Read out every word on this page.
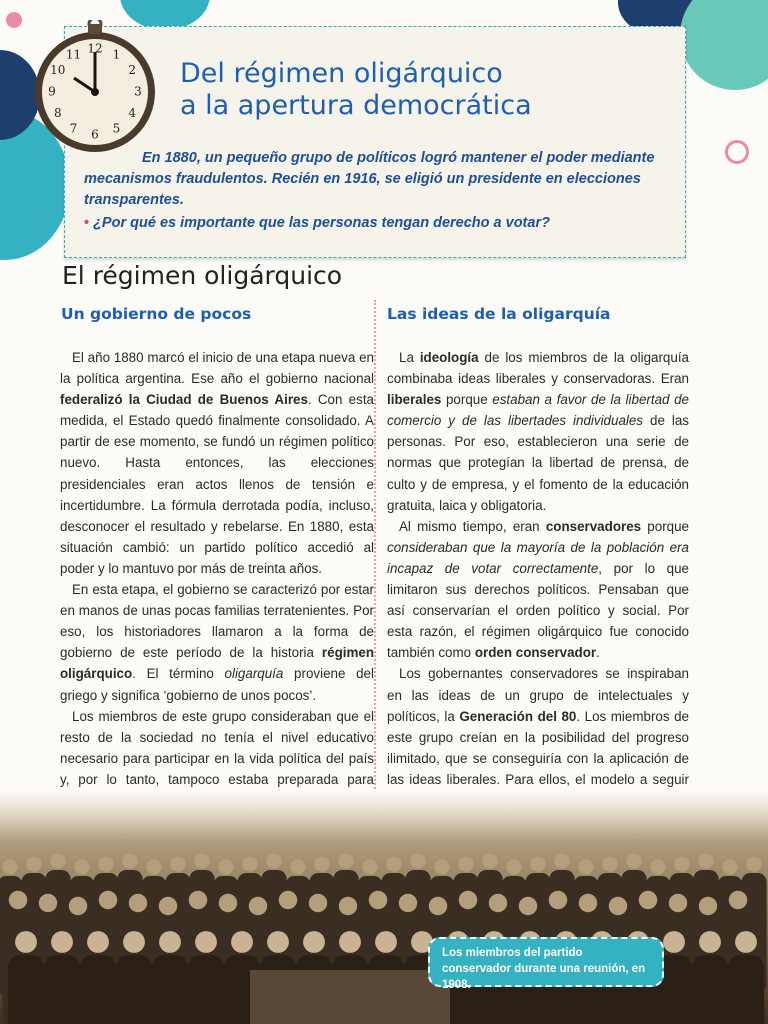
12 1
2
3
4
5
6
7
8
9
10
11
Del régimen oligárquico
a la apertura democrática

En 1880, un pequeño grupo de políticos logró mantener el poder mediante mecanismos fraudulentos. Recién en 1916, se eligió un presidente en elecciones transparentes.

• ¿Por qué es importante que las personas tengan derecho a votar?

El régimen oligárquico
Un gobierno de pocos	Las ideas de la oligarquía

El año 1880 marcó el inicio de una etapa nueva en la política argentina. Ese año el gobierno nacional federalizó la Ciudad de Buenos Aires. Con esta medida, el Estado quedó finalmente consolidado. A partir de ese momento, se fundó un régimen político nuevo. Hasta entonces, las elecciones presidenciales eran actos llenos de tensión e incertidumbre. La fórmula derrotada podía, incluso, desconocer el resultado y rebelarse. En 1880, esta situación cambió: un partido político accedió al poder y lo mantuvo por más de treinta años.

En esta etapa, el gobierno se caracterizó por estar en manos de unas pocas familias terratenientes. Por eso, los historiadores llamaron a la forma de gobierno de este período de la historia régimen oligárquico. El término oligarquía proviene del griego y significa ‘gobierno de unos pocos’.

Los miembros de este grupo consideraban que el resto de la sociedad no tenía el nivel educativo necesario para participar en la vida política del país y, por lo tanto, tampoco estaba preparada para

La ideología de los miembros de la oligarquía combinaba ideas liberales y conservadoras. Eran liberales porque estaban a favor de la libertad de comercio y de las libertades individuales de las personas. Por eso, establecieron una serie de normas que protegían la libertad de prensa, de culto y de empresa, y el fomento de la educación gratuita, laica y obligatoria.

Al mismo tiempo, eran conservadores porque consideraban que la mayoría de la población era incapaz de votar correctamente, por lo que limitaron sus derechos políticos. Pensaban que así conservarían el orden político y social. Por esta razón, el régimen oligárquico fue conocido también como orden conservador.

Los gobernantes conservadores se inspiraban en las ideas de un grupo de intelectuales y políticos, la Generación del 80. Los miembros de este grupo creían en la posibilidad del progreso ilimitado, que se conseguiría con la aplicación de las ideas liberales. Para ellos, el modelo a seguir

Los miembros del partido conservador durante una reunión, en 1908.
